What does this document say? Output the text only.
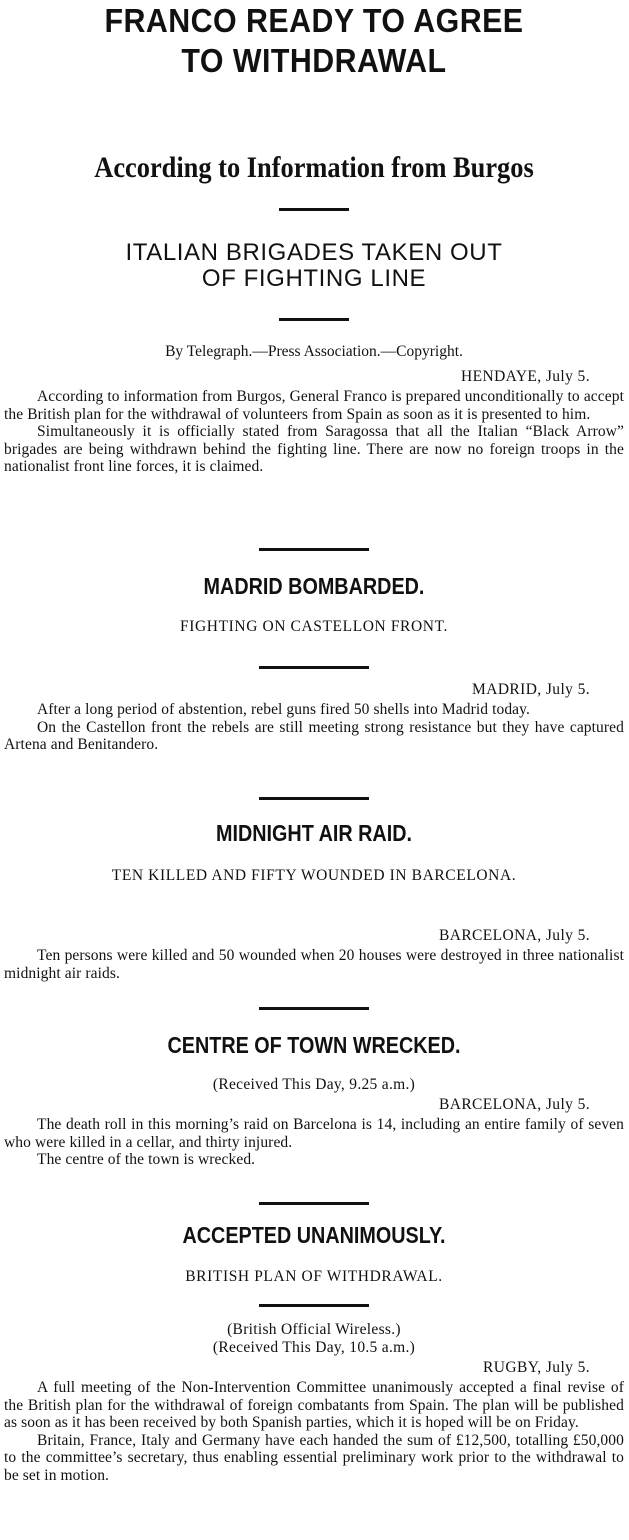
FRANCO READY TO AGREE
TO WITHDRAWAL
According to Information from Burgos
ITALIAN BRIGADES TAKEN OUT
OF FIGHTING LINE
By Telegraph.—Press Association.—Copyright.
HENDAYE, July 5.

According to information from Burgos, General Franco is prepared unconditionally to accept the British plan for the withdrawal of volunteers from Spain as soon as it is presented to him.

Simultaneously it is officially stated from Saragossa that all the Italian “Black Arrow” brigades are being withdrawn behind the fighting line. There are now no foreign troops in the nationalist front line forces, it is claimed.

MADRID BOMBARDED.
FIGHTING ON CASTELLON FRONT.
MADRID, July 5.

After a long period of abstention, rebel guns fired 50 shells into Madrid today.

On the Castellon front the rebels are still meeting strong resistance but they have captured Artena and Benitandero.

MIDNIGHT AIR RAID.
TEN KILLED AND FIFTY WOUNDED IN BARCELONA.
BARCELONA, July 5.

Ten persons were killed and 50 wounded when 20 houses were destroyed in three nationalist midnight air raids.

CENTRE OF TOWN WRECKED.
(Received This Day, 9.25 a.m.)
BARCELONA, July 5.

The death roll in this morning’s raid on Barcelona is 14, including an entire family of seven who were killed in a cellar, and thirty injured.

The centre of the town is wrecked.

ACCEPTED UNANIMOUSLY.
BRITISH PLAN OF WITHDRAWAL.
(British Official Wireless.)
(Received This Day, 10.5 a.m.)
RUGBY, July 5.

A full meeting of the Non-Intervention Committee unanimously accepted a final revise of the British plan for the withdrawal of foreign combatants from Spain. The plan will be published as soon as it has been received by both Spanish parties, which it is hoped will be on Friday.

Britain, France, Italy and Germany have each handed the sum of £12,500, totalling £50,000 to the committee’s secretary, thus enabling essential preliminary work prior to the withdrawal to be set in motion.
